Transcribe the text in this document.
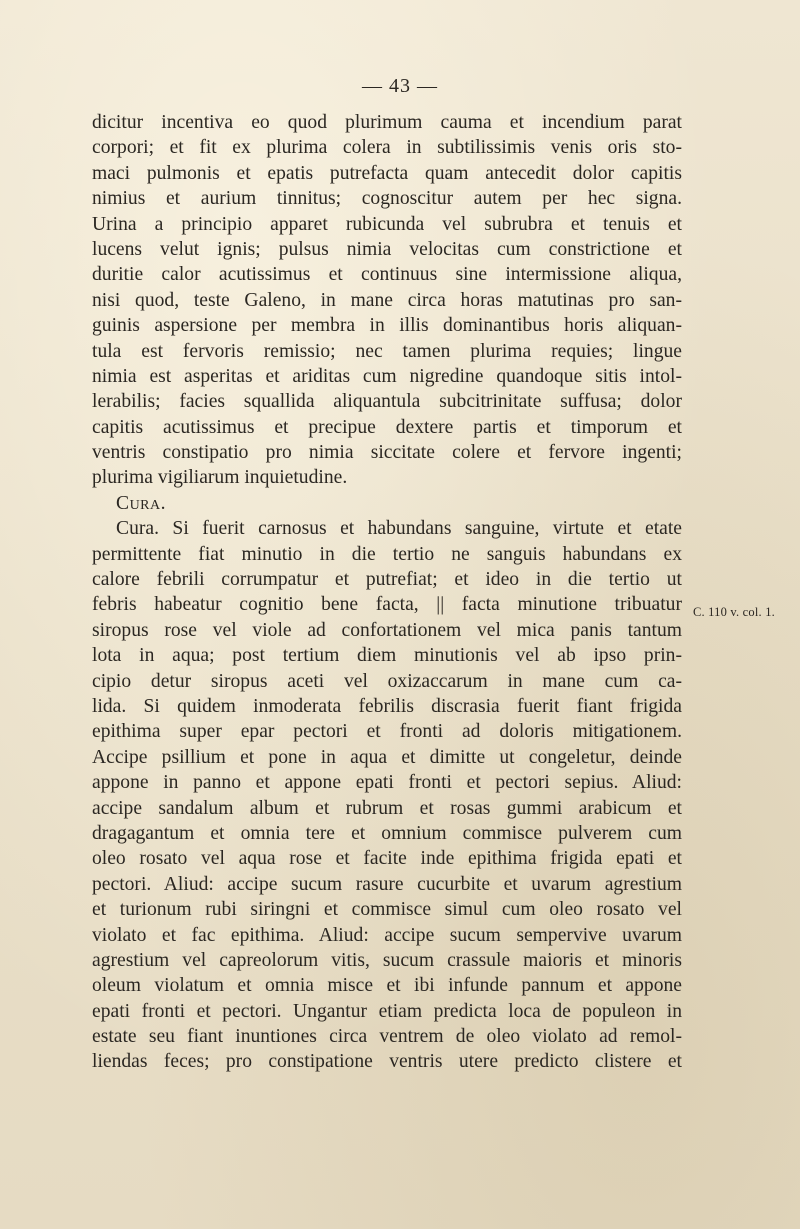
— 43 —
dicitur incentiva eo quod plurimum cauma et incendium parat
corpori; et fit ex plurima colera in subtilissimis venis oris sto-
maci pulmonis et epatis putrefacta quam antecedit dolor capitis
nimius et aurium tinnitus; cognoscitur autem per hec signa.
Urina a principio apparet rubicunda vel subrubra et tenuis et
lucens velut ignis; pulsus nimia velocitas cum constrictione et
duritie calor acutissimus et continuus sine intermissione aliqua,
nisi quod, teste Galeno, in mane circa horas matutinas pro san-
guinis aspersione per membra in illis dominantibus horis aliquan-
tula est fervoris remissio; nec tamen plurima requies; lingue
nimia est asperitas et ariditas cum nigredine quandoque sitis intol-
lerabilis; facies squallida aliquantula subcitrinitate suffusa; dolor
capitis acutissimus et precipue dextere partis et timporum et
ventris constipatio pro nimia siccitate colere et fervore ingenti;
plurima vigiliarum inquietudine.
Cura.
Cura. Si fuerit carnosus et habundans sanguine, virtute et etate
permittente fiat minutio in die tertio ne sanguis habundans ex
calore febrili corrumpatur et putrefiat; et ideo in die tertio ut
febris habeatur cognitio bene facta, || facta minutione tribuatur
siropus rose vel viole ad confortationem vel mica panis tantum
lota in aqua; post tertium diem minutionis vel ab ipso prin-
cipio detur siropus aceti vel oxizaccarum in mane cum ca-
lida. Si quidem inmoderata febrilis discrasia fuerit fiant frigida
epithima super epar pectori et fronti ad doloris mitigationem.
Accipe psillium et pone in aqua et dimitte ut congeletur, deinde
appone in panno et appone epati fronti et pectori sepius. Aliud:
accipe sandalum album et rubrum et rosas gummi arabicum et
dragagantum et omnia tere et omnium commisce pulverem cum
oleo rosato vel aqua rose et facite inde epithima frigida epati et
pectori. Aliud: accipe sucum rasure cucurbite et uvarum agrestium
et turionum rubi siringni et commisce simul cum oleo rosato vel
violato et fac epithima. Aliud: accipe sucum sempervive uvarum
agrestium vel capreolorum vitis, sucum crassule maioris et minoris
oleum violatum et omnia misce et ibi infunde pannum et appone
epati fronti et pectori. Ungantur etiam predicta loca de populeon in
estate seu fiant inuntiones circa ventrem de oleo violato ad remol-
liendas feces; pro constipatione ventris utere predicto clistere et
C. 110 v. col. 1.
